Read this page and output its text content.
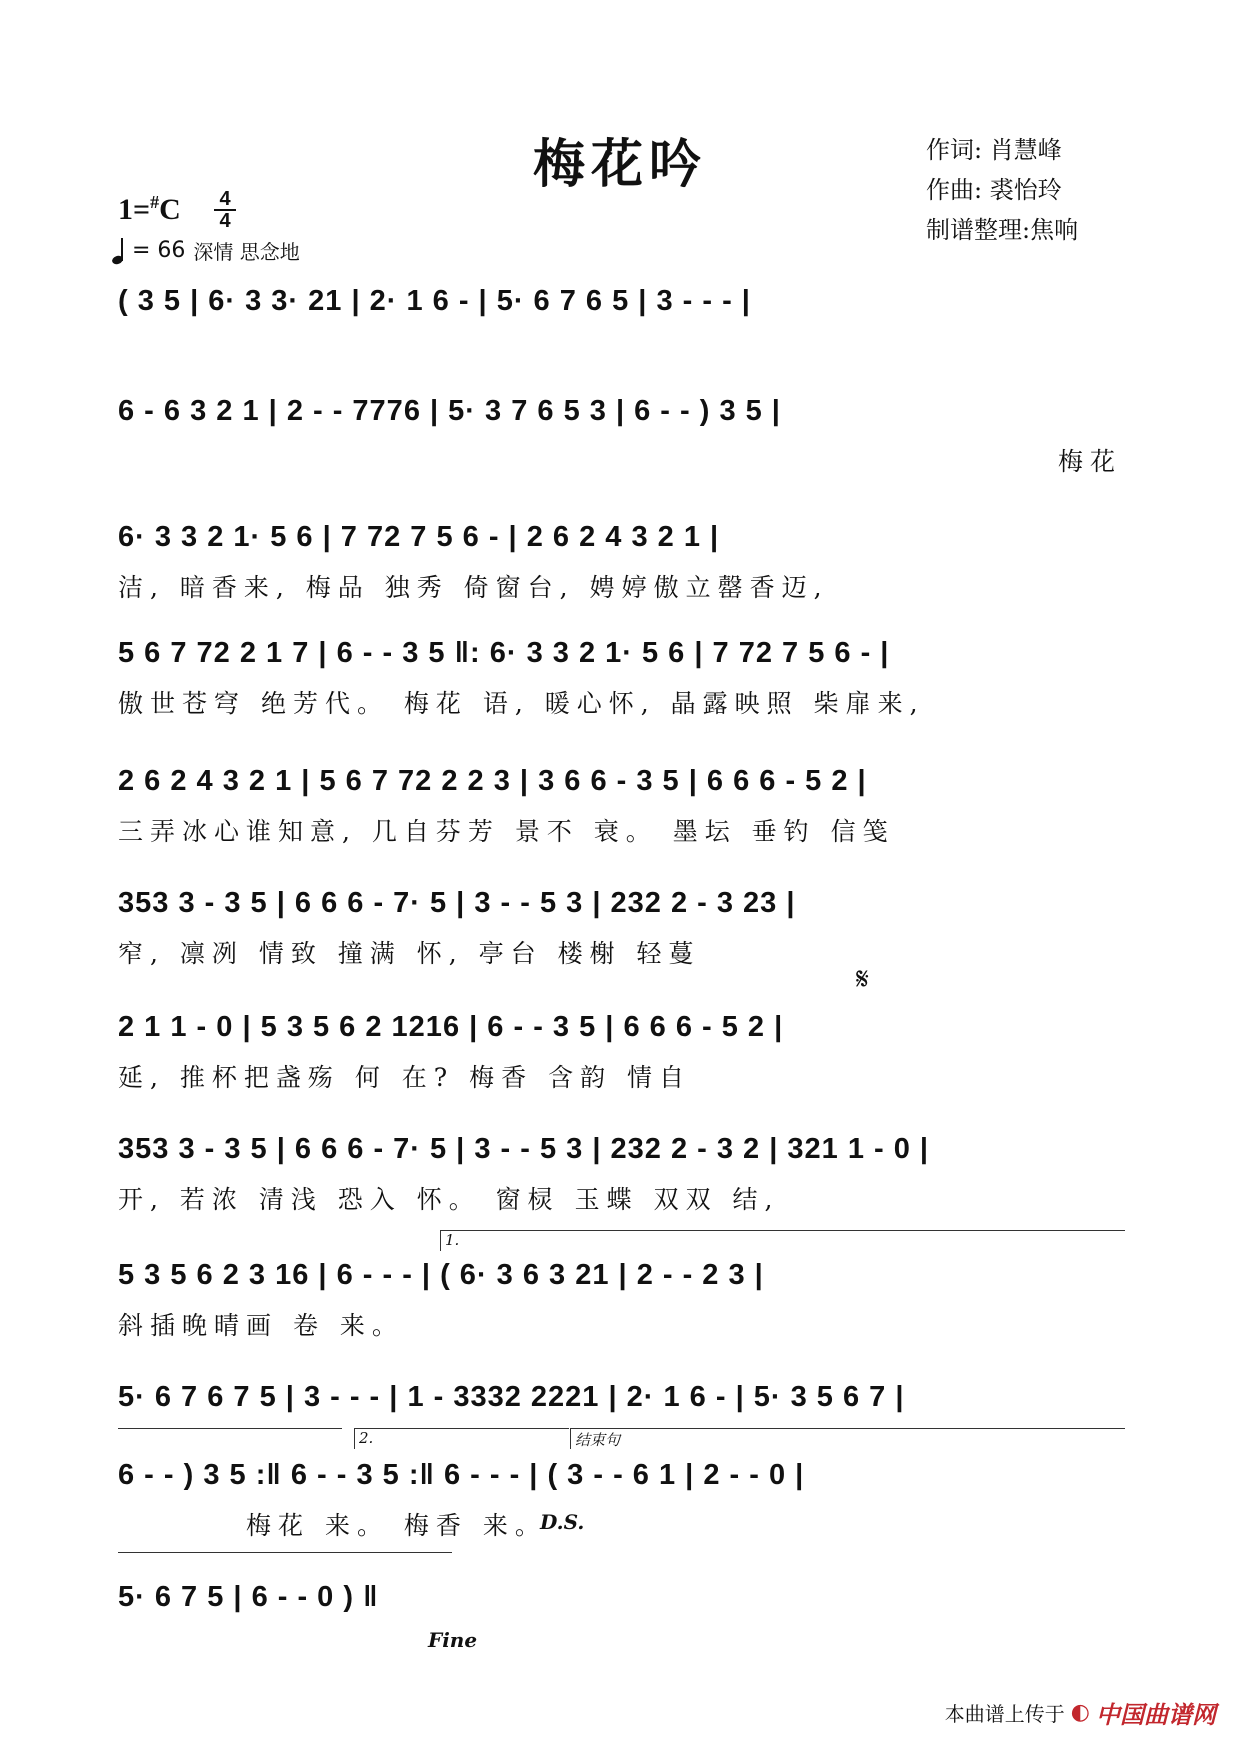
梅花吟	作词: 肖慧峰
作曲: 裘怡玲
制谱整理:焦响
1=#C 4
4
= 66 深情 思念地
( 3 5 | 6· 3 3· 21 | 2· 1 6 - | 5· 6 7 6 5 | 3 - - - |
6 - 6 3 2 1 | 2 - - 7776 | 5· 3 7 6 5 3 | 6 - - ) 3 5 |
梅花
6· 3 3 2 1· 5 6 | 7 72 7 5 6 - | 2 6 2 4 3 2 1 |
洁, 暗香来, 梅品 独秀 倚窗台, 娉婷傲立罄香迈,
5 6 7 72 2 1 7 | 6 - - 3 5 ‖: 6· 3 3 2 1· 5 6 | 7 72 7 5 6 - |
傲世苍穹 绝芳代。 梅花 语, 暖心怀, 晶露映照 柴扉来,
2 6 2 4 3 2 1 | 5 6 7 72 2 2 3 | 3 6 6 - 3 5 | 6 6 6 - 5 2 |
三弄冰心谁知意, 几自芬芳 景不 衰。 墨坛 垂钓 信笺
353 3 - 3 5 | 6 6 6 - 7· 5 | 3 - - 5 3 | 232 2 - 3 23 |
窄, 凛冽 情致 撞满 怀, 亭台 楼榭 轻蔓
𝄋
2 1 1 - 0 | 5 3 5 6 2 1216 | 6 - - 3 5 | 6 6 6 - 5 2 |
延, 推杯把盏殇 何 在? 梅香 含韵 情自
353 3 - 3 5 | 6 6 6 - 7· 5 | 3 - - 5 3 | 232 2 - 3 2 | 321 1 - 0 |
开, 若浓 清浅 恐入 怀。 窗棂 玉蝶 双双 结,
1.
5 3 5 6 2 3 16 | 6 - - - | ( 6· 3 6 3 21 | 2 - - 2 3 |
斜插晚晴画 卷 来。
5· 6 7 6 7 5 | 3 - - - | 1 - 3332 2221 | 2· 1 6 - | 5· 3 5 6 7 |
2.	结束句
6 - - ) 3 5 :‖ 6 - - 3 5 :‖ 6 - - - | ( 3 - - 6 1 | 2 - - 0 |
梅花 来。 梅香 来。
D.S.
5· 6 7 5 | 6 - - 0 ) ‖
Fine
本曲谱上传于 ◐ 中国曲谱网
